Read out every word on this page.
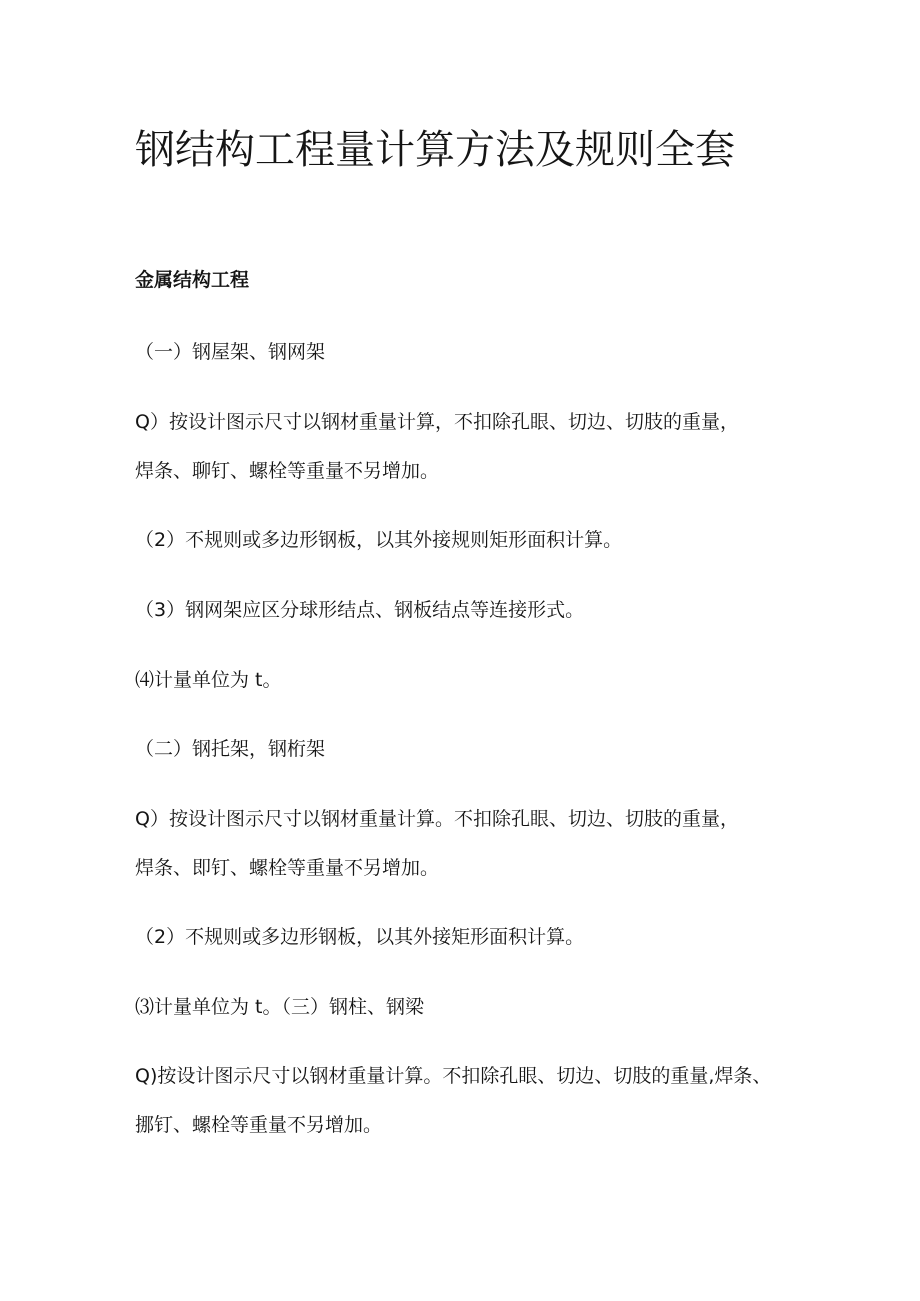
钢结构工程量计算方法及规则全套

金属结构工程

（一）钢屋架、钢网架

Q）按设计图示尺寸以钢材重量计算，不扣除孔眼、切边、切肢的重量，

焊条、聊钉、螺栓等重量不另增加。

（2）不规则或多边形钢板，以其外接规则矩形面积计算。

（3）钢网架应区分球形结点、钢板结点等连接形式。

⑷计量单位为 t。

（二）钢托架，钢桁架

Q）按设计图示尺寸以钢材重量计算。不扣除孔眼、切边、切肢的重量，

焊条、即钉、螺栓等重量不另增加。

（2）不规则或多边形钢板，以其外接矩形面积计算。

⑶计量单位为 t。（三）钢柱、钢梁

Q)按设计图示尺寸以钢材重量计算。不扣除孔眼、切边、切肢的重量,焊条、

挪钉、螺栓等重量不另增加。
